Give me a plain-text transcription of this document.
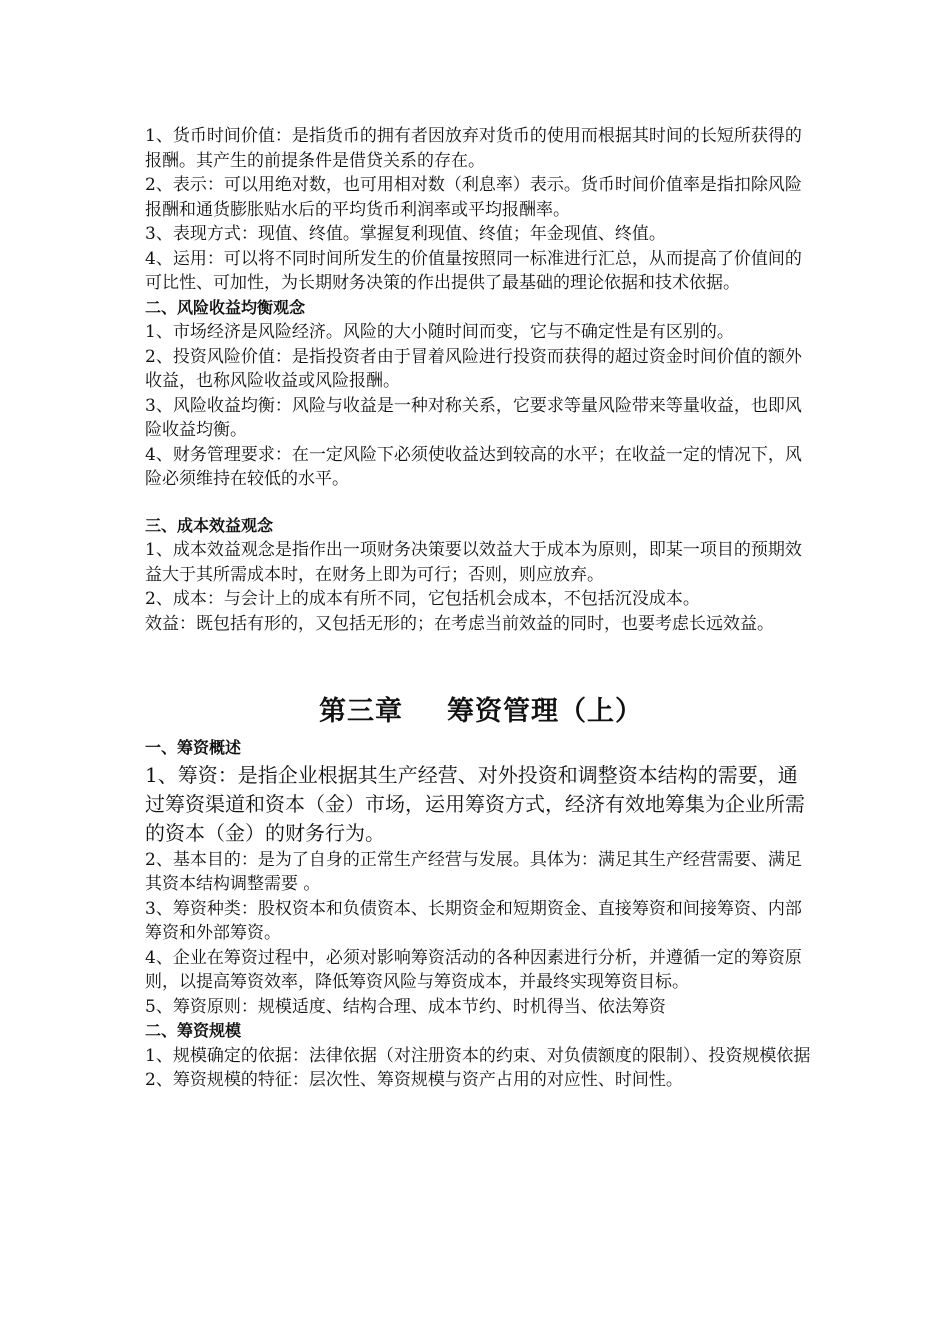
1、货币时间价值：是指货币的拥有者因放弃对货币的使用而根据其时间的长短所获得的报酬。其产生的前提条件是借贷关系的存在。

2、表示：可以用绝对数，也可用相对数（利息率）表示。货币时间价值率是指扣除风险报酬和通货膨胀贴水后的平均货币利润率或平均报酬率。

3、表现方式：现值、终值。掌握复利现值、终值；年金现值、终值。

4、运用：可以将不同时间所发生的价值量按照同一标准进行汇总，从而提高了价值间的可比性、可加性，为长期财务决策的作出提供了最基础的理论依据和技术依据。

二、风险收益均衡观念

1、市场经济是风险经济。风险的大小随时间而变，它与不确定性是有区别的。

2、投资风险价值：是指投资者由于冒着风险进行投资而获得的超过资金时间价值的额外收益，也称风险收益或风险报酬。

3、风险收益均衡：风险与收益是一种对称关系，它要求等量风险带来等量收益，也即风险收益均衡。

4、财务管理要求：在一定风险下必须使收益达到较高的水平；在收益一定的情况下，风险必须维持在较低的水平。

三、成本效益观念

1、成本效益观念是指作出一项财务决策要以效益大于成本为原则，即某一项目的预期效益大于其所需成本时，在财务上即为可行；否则，则应放弃。

2、成本：与会计上的成本有所不同，它包括机会成本，不包括沉没成本。

效益：既包括有形的，又包括无形的；在考虑当前效益的同时，也要考虑长远效益。

第三章 筹资管理（上）

一、筹资概述

1、筹资：是指企业根据其生产经营、对外投资和调整资本结构的需要，通过筹资渠道和资本（金）市场，运用筹资方式，经济有效地筹集为企业所需的资本（金）的财务行为。

2、基本目的：是为了自身的正常生产经营与发展。具体为：满足其生产经营需要、满足其资本结构调整需要 。

3、筹资种类：股权资本和负债资本、长期资金和短期资金、直接筹资和间接筹资、内部筹资和外部筹资。

4、企业在筹资过程中，必须对影响筹资活动的各种因素进行分析，并遵循一定的筹资原则，以提高筹资效率，降低筹资风险与筹资成本，并最终实现筹资目标。

5、筹资原则：规模适度、结构合理、成本节约、时机得当、依法筹资

二、筹资规模

1、规模确定的依据：法律依据（对注册资本的约束、对负债额度的限制）、投资规模依据

2、筹资规模的特征：层次性、筹资规模与资产占用的对应性、时间性。
